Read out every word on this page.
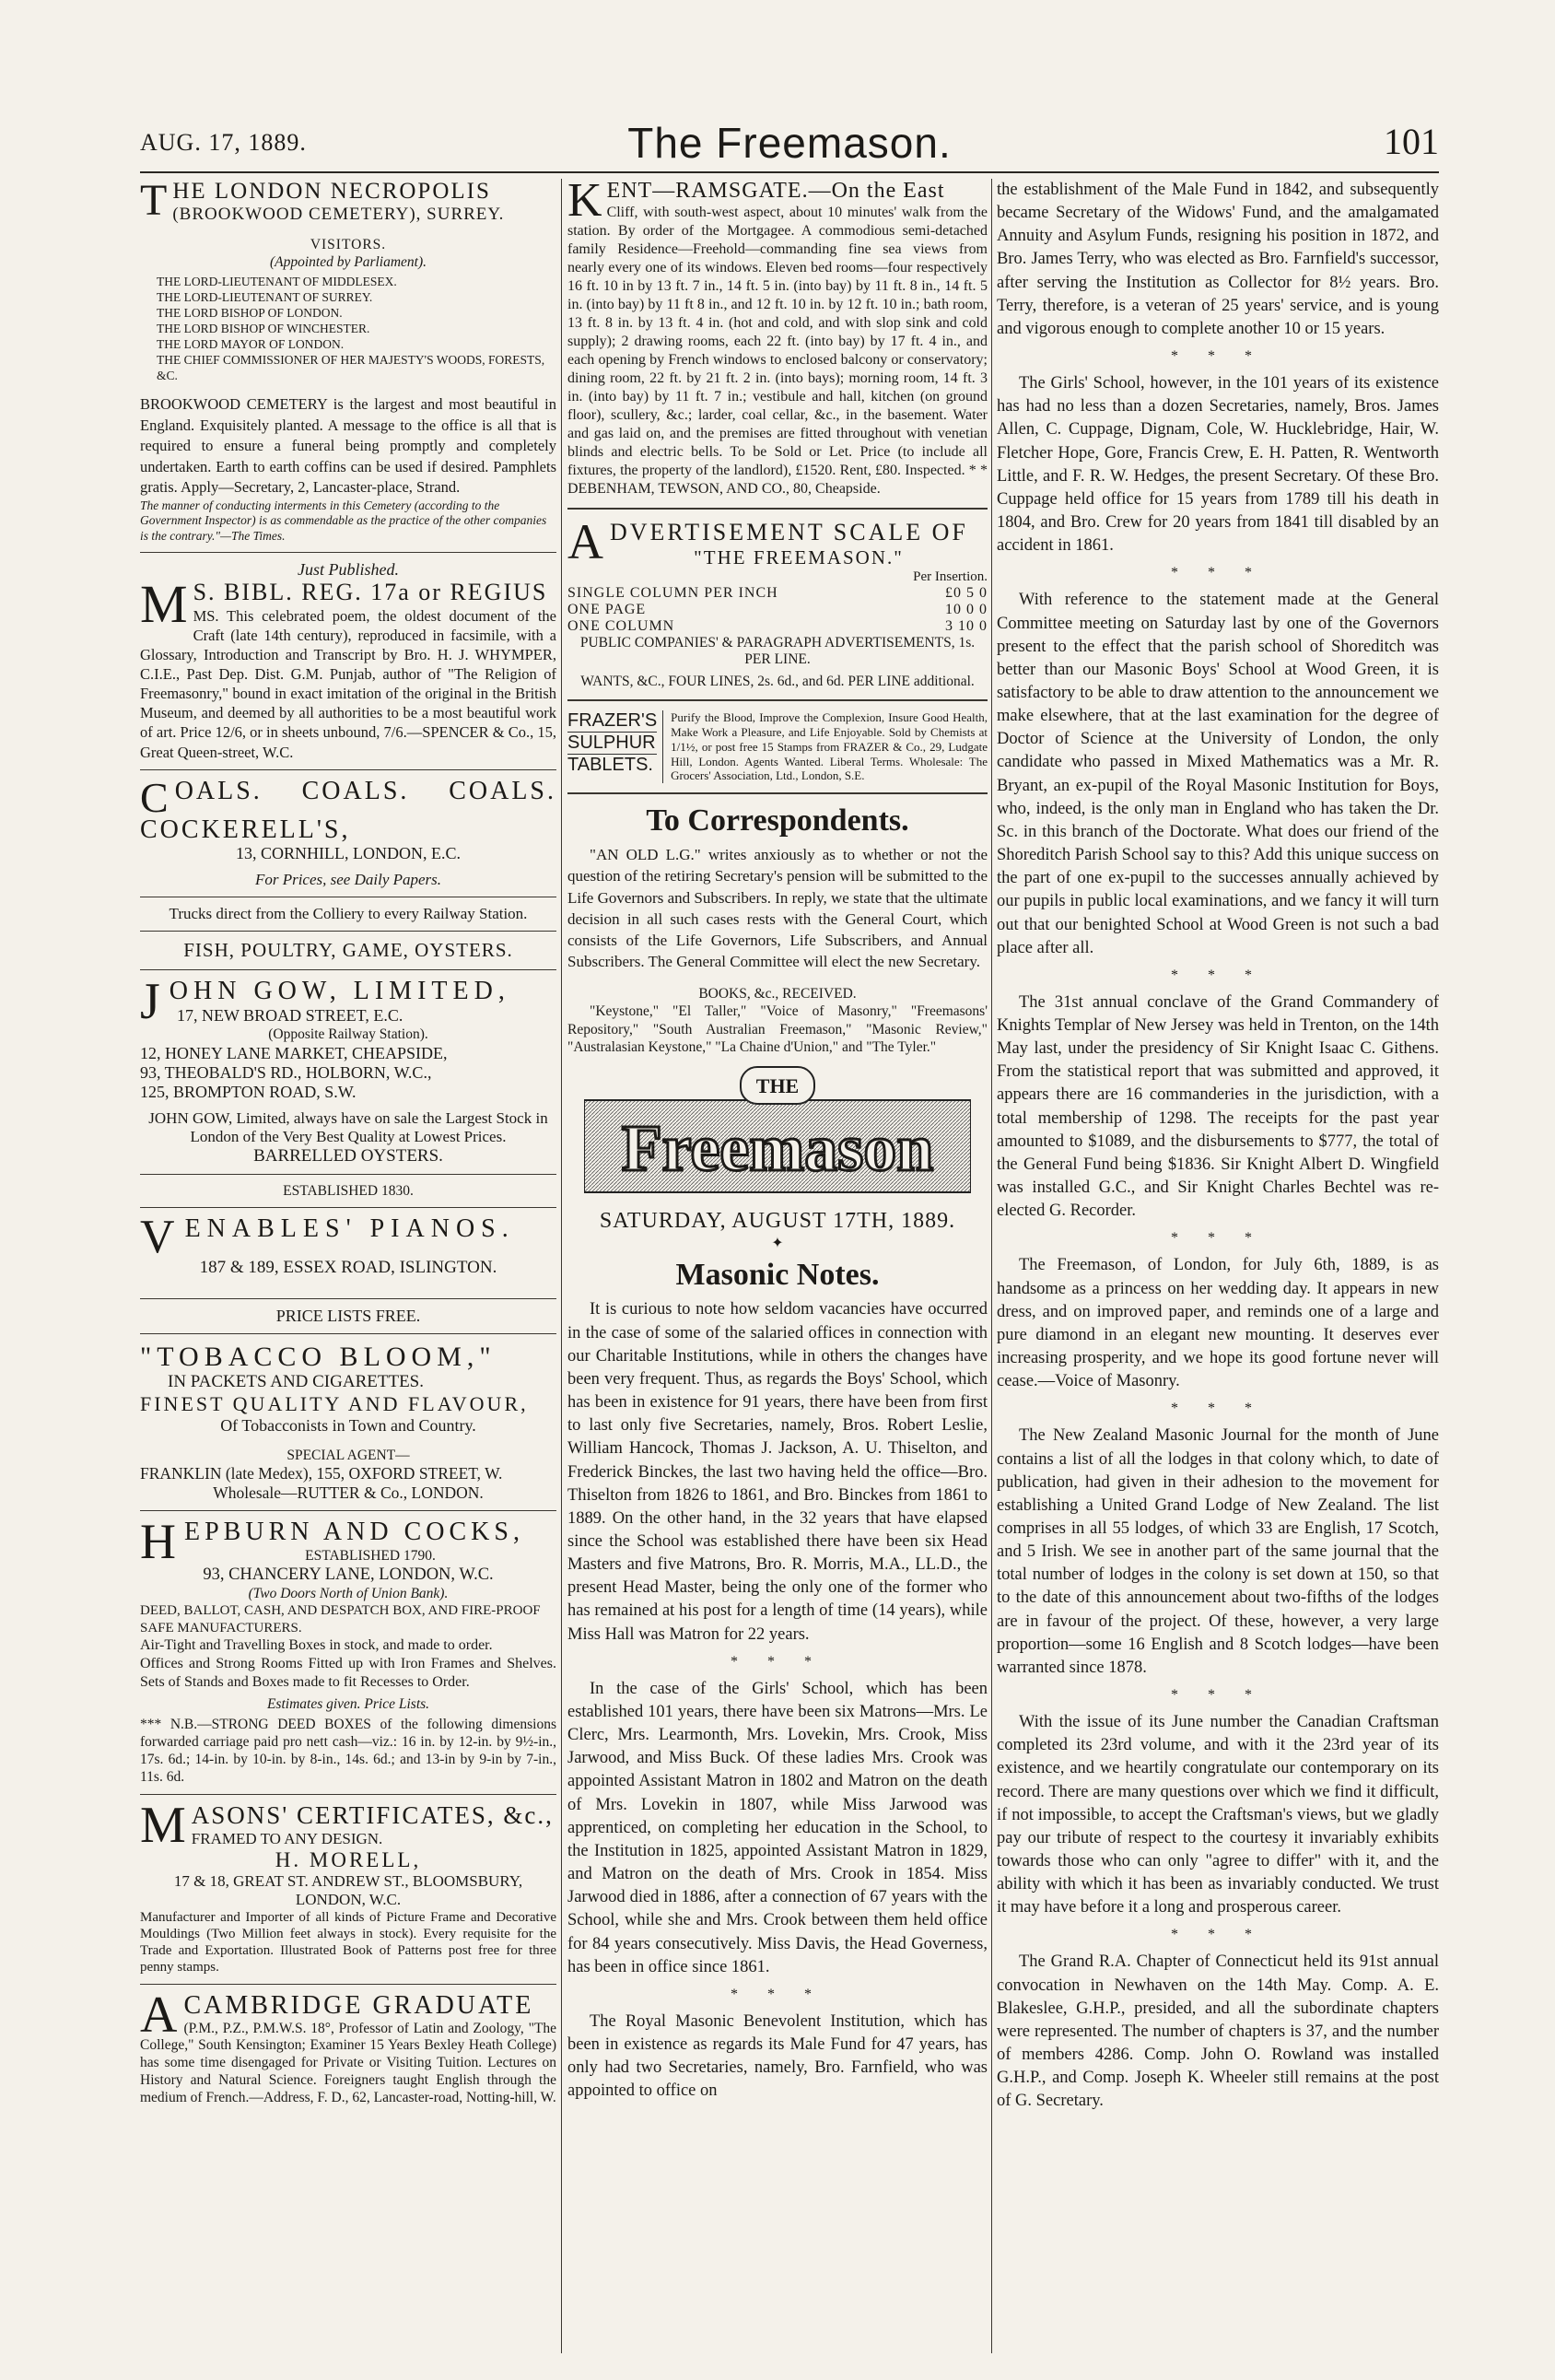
AUG. 17, 1889.	The Freemason.	101
THE LONDON NECROPOLIS
(BROOKWOOD CEMETERY), SURREY.
VISITORS.
(Appointed by Parliament).
THE LORD-LIEUTENANT OF MIDDLESEX.
THE LORD-LIEUTENANT OF SURREY.
THE LORD BISHOP OF LONDON.
THE LORD BISHOP OF WINCHESTER.
THE LORD MAYOR OF LONDON.
THE CHIEF COMMISSIONER OF HER MAJESTY'S WOODS, FORESTS, &C.

BROOKWOOD CEMETERY is the largest and most beautiful in England. Exquisitely planted. A message to the office is all that is required to ensure a funeral being promptly and completely undertaken. Earth to earth coffins can be used if desired. Pamphlets gratis. Apply—Secretary, 2, Lancaster-place, Strand.

The manner of conducting interments in this Cemetery (according to the Government Inspector) is as commendable as the practice of the other companies is the contrary."—The Times.

Just Published.
M S. BIBL. REG. 17a or REGIUS

MS. This celebrated poem, the oldest document of the Craft (late 14th century), reproduced in facsimile, with a Glossary, Introduction and Transcript by Bro. H. J. WHYMPER, C.I.E., Past Dep. Dist. G.M. Punjab, author of "The Religion of Freemasonry," bound in exact imitation of the original in the British Museum, and deemed by all authorities to be a most beautiful work of art. Price 12/6, or in sheets unbound, 7/6.—SPENCER & Co., 15, Great Queen-street, W.C.

COALS. COALS. COALS.
COCKERELL'S,
13, CORNHILL, LONDON, E.C.
For Prices, see Daily Papers.
Trucks direct from the Colliery to every Railway Station.
FISH, POULTRY, GAME, OYSTERS.
JOHN GOW, LIMITED,
17, NEW BROAD STREET, E.C.
(Opposite Railway Station).
12, HONEY LANE MARKET, CHEAPSIDE,
93, THEOBALD'S RD., HOLBORN, W.C.,
125, BROMPTON ROAD, S.W.

JOHN GOW, Limited, always have on sale the Largest Stock in London of the Very Best Quality at Lowest Prices.

BARRELLED OYSTERS.
ESTABLISHED 1830.
VENABLES' PIANOS.
187 & 189, ESSEX ROAD, ISLINGTON.
PRICE LISTS FREE.
"TOBACCO BLOOM,"
IN PACKETS AND CIGARETTES.
FINEST QUALITY AND FLAVOUR,
Of Tobacconists in Town and Country.
SPECIAL AGENT—
FRANKLIN (late Medex), 155, OXFORD STREET, W.
Wholesale—RUTTER & Co., LONDON.
HEPBURN AND COCKS,
ESTABLISHED 1790.
93, CHANCERY LANE, LONDON, W.C.
(Two Doors North of Union Bank).

DEED, BALLOT, CASH, AND DESPATCH BOX, AND FIRE-PROOF SAFE MANUFACTURERS.

Air-Tight and Travelling Boxes in stock, and made to order.

Offices and Strong Rooms Fitted up with Iron Frames and Shelves. Sets of Stands and Boxes made to fit Recesses to Order.

Estimates given. Price Lists.

*** N.B.—STRONG DEED BOXES of the following dimensions forwarded carriage paid pro nett cash—viz.: 16 in. by 12-in. by 9½-in., 17s. 6d.; 14-in. by 10-in. by 8-in., 14s. 6d.; and 13-in by 9-in by 7-in., 11s. 6d.

MASONS' CERTIFICATES, &c.,
FRAMED TO ANY DESIGN.
H. MORELL,
17 & 18, GREAT ST. ANDREW ST., BLOOMSBURY, LONDON, W.C.

Manufacturer and Importer of all kinds of Picture Frame and Decorative Mouldings (Two Million feet always in stock). Every requisite for the Trade and Exportation. Illustrated Book of Patterns post free for three penny stamps.

ACAMBRIDGE GRADUATE

(P.M., P.Z., P.M.W.S. 18°, Professor of Latin and Zoology, "The College," South Kensington; Examiner 15 Years Bexley Heath College) has some time disengaged for Private or Visiting Tuition. Lectures on History and Natural Science. Foreigners taught English through the medium of French.—Address, F. D., 62, Lancaster-road, Notting-hill, W.

KENT—RAMSGATE.—On the East

Cliff, with south-west aspect, about 10 minutes' walk from the station. By order of the Mortgagee. A commodious semi-detached family Residence—Freehold—commanding fine sea views from nearly every one of its windows. Eleven bed rooms—four respectively 16 ft. 10 in by 13 ft. 7 in., 14 ft. 5 in. (into bay) by 11 ft. 8 in., 14 ft. 5 in. (into bay) by 11 ft 8 in., and 12 ft. 10 in. by 12 ft. 10 in.; bath room, 13 ft. 8 in. by 13 ft. 4 in. (hot and cold, and with slop sink and cold supply); 2 drawing rooms, each 22 ft. (into bay) by 17 ft. 4 in., and each opening by French windows to enclosed balcony or conservatory; dining room, 22 ft. by 21 ft. 2 in. (into bays); morning room, 14 ft. 3 in. (into bay) by 11 ft. 7 in.; vestibule and hall, kitchen (on ground floor), scullery, &c.; larder, coal cellar, &c., in the basement. Water and gas laid on, and the premises are fitted throughout with venetian blinds and electric bells. To be Sold or Let. Price (to include all fixtures, the property of the landlord), £1520. Rent, £80. Inspected. * * DEBENHAM, TEWSON, AND CO., 80, Cheapside.

ADVERTISEMENT SCALE OF
"THE FREEMASON."
Per Insertion.
SINGLE COLUMN PER INCH	£0 5 0
ONE PAGE	10 0 0
ONE COLUMN	3 10 0
PUBLIC COMPANIES' & PARAGRAPH ADVERTISEMENTS, 1s. PER LINE.
WANTS, &C., FOUR LINES, 2s. 6d., and 6d. PER LINE additional.
FRAZER'S
SULPHUR
TABLETS.

Purify the Blood, Improve the Complexion, Insure Good Health, Make Work a Pleasure, and Life Enjoyable. Sold by Chemists at 1/1½, or post free 15 Stamps from FRAZER & Co., 29, Ludgate Hill, London. Agents Wanted. Liberal Terms. Wholesale: The Grocers' Association, Ltd., London, S.E.

To Correspondents.

"AN OLD L.G." writes anxiously as to whether or not the question of the retiring Secretary's pension will be submitted to the Life Governors and Subscribers. In reply, we state that the ultimate decision in all such cases rests with the General Court, which consists of the Life Governors, Life Subscribers, and Annual Subscribers. The General Committee will elect the new Secretary.

BOOKS, &c., RECEIVED.

"Keystone," "El Taller," "Voice of Masonry," "Freemasons' Repository," "South Australian Freemason," "Masonic Review," "Australasian Keystone," "La Chaine d'Union," and "The Tyler."

THE
Freemason
SATURDAY, AUGUST 17TH, 1889.
✦
Masonic Notes.

It is curious to note how seldom vacancies have occurred in the case of some of the salaried offices in connection with our Charitable Institutions, while in others the changes have been very frequent. Thus, as regards the Boys' School, which has been in existence for 91 years, there have been from first to last only five Secretaries, namely, Bros. Robert Leslie, William Hancock, Thomas J. Jackson, A. U. Thiselton, and Frederick Binckes, the last two having held the office—Bro. Thiselton from 1826 to 1861, and Bro. Binckes from 1861 to 1889. On the other hand, in the 32 years that have elapsed since the School was established there have been six Head Masters and five Matrons, Bro. R. Morris, M.A., LL.D., the present Head Master, being the only one of the former who has remained at his post for a length of time (14 years), while Miss Hall was Matron for 22 years.

* * *

In the case of the Girls' School, which has been established 101 years, there have been six Matrons—Mrs. Le Clerc, Mrs. Learmonth, Mrs. Lovekin, Mrs. Crook, Miss Jarwood, and Miss Buck. Of these ladies Mrs. Crook was appointed Assistant Matron in 1802 and Matron on the death of Mrs. Lovekin in 1807, while Miss Jarwood was apprenticed, on completing her education in the School, to the Institution in 1825, appointed Assistant Matron in 1829, and Matron on the death of Mrs. Crook in 1854. Miss Jarwood died in 1886, after a connection of 67 years with the School, while she and Mrs. Crook between them held office for 84 years consecutively. Miss Davis, the Head Governess, has been in office since 1861.

* * *

The Royal Masonic Benevolent Institution, which has been in existence as regards its Male Fund for 47 years, has only had two Secretaries, namely, Bro. Farnfield, who was appointed to office on

the establishment of the Male Fund in 1842, and subsequently became Secretary of the Widows' Fund, and the amalgamated Annuity and Asylum Funds, resigning his position in 1872, and Bro. James Terry, who was elected as Bro. Farnfield's successor, after serving the Institution as Collector for 8½ years. Bro. Terry, therefore, is a veteran of 25 years' service, and is young and vigorous enough to complete another 10 or 15 years.

* * *

The Girls' School, however, in the 101 years of its existence has had no less than a dozen Secretaries, namely, Bros. James Allen, C. Cuppage, Dignam, Cole, W. Hucklebridge, Hair, W. Fletcher Hope, Gore, Francis Crew, E. H. Patten, R. Wentworth Little, and F. R. W. Hedges, the present Secretary. Of these Bro. Cuppage held office for 15 years from 1789 till his death in 1804, and Bro. Crew for 20 years from 1841 till disabled by an accident in 1861.

* * *

With reference to the statement made at the General Committee meeting on Saturday last by one of the Governors present to the effect that the parish school of Shoreditch was better than our Masonic Boys' School at Wood Green, it is satisfactory to be able to draw attention to the announcement we make elsewhere, that at the last examination for the degree of Doctor of Science at the University of London, the only candidate who passed in Mixed Mathematics was a Mr. R. Bryant, an ex-pupil of the Royal Masonic Institution for Boys, who, indeed, is the only man in England who has taken the Dr. Sc. in this branch of the Doctorate. What does our friend of the Shoreditch Parish School say to this? Add this unique success on the part of one ex-pupil to the successes annually achieved by our pupils in public local examinations, and we fancy it will turn out that our benighted School at Wood Green is not such a bad place after all.

* * *

The 31st annual conclave of the Grand Commandery of Knights Templar of New Jersey was held in Trenton, on the 14th May last, under the presidency of Sir Knight Isaac C. Githens. From the statistical report that was submitted and approved, it appears there are 16 commanderies in the jurisdiction, with a total membership of 1298. The receipts for the past year amounted to $1089, and the disbursements to $777, the total of the General Fund being $1836. Sir Knight Albert D. Wingfield was installed G.C., and Sir Knight Charles Bechtel was re-elected G. Recorder.

* * *

The Freemason, of London, for July 6th, 1889, is as handsome as a princess on her wedding day. It appears in new dress, and on improved paper, and reminds one of a large and pure diamond in an elegant new mounting. It deserves ever increasing prosperity, and we hope its good fortune never will cease.—Voice of Masonry.

* * *

The New Zealand Masonic Journal for the month of June contains a list of all the lodges in that colony which, to date of publication, had given in their adhesion to the movement for establishing a United Grand Lodge of New Zealand. The list comprises in all 55 lodges, of which 33 are English, 17 Scotch, and 5 Irish. We see in another part of the same journal that the total number of lodges in the colony is set down at 150, so that to the date of this announcement about two-fifths of the lodges are in favour of the project. Of these, however, a very large proportion—some 16 English and 8 Scotch lodges—have been warranted since 1878.

* * *

With the issue of its June number the Canadian Craftsman completed its 23rd volume, and with it the 23rd year of its existence, and we heartily congratulate our contemporary on its record. There are many questions over which we find it difficult, if not impossible, to accept the Craftsman's views, but we gladly pay our tribute of respect to the courtesy it invariably exhibits towards those who can only "agree to differ" with it, and the ability with which it has been as invariably conducted. We trust it may have before it a long and prosperous career.

* * *

The Grand R.A. Chapter of Connecticut held its 91st annual convocation in Newhaven on the 14th May. Comp. A. E. Blakeslee, G.H.P., presided, and all the subordinate chapters were represented. The number of chapters is 37, and the number of members 4286. Comp. John O. Rowland was installed G.H.P., and Comp. Joseph K. Wheeler still remains at the post of G. Secretary.
